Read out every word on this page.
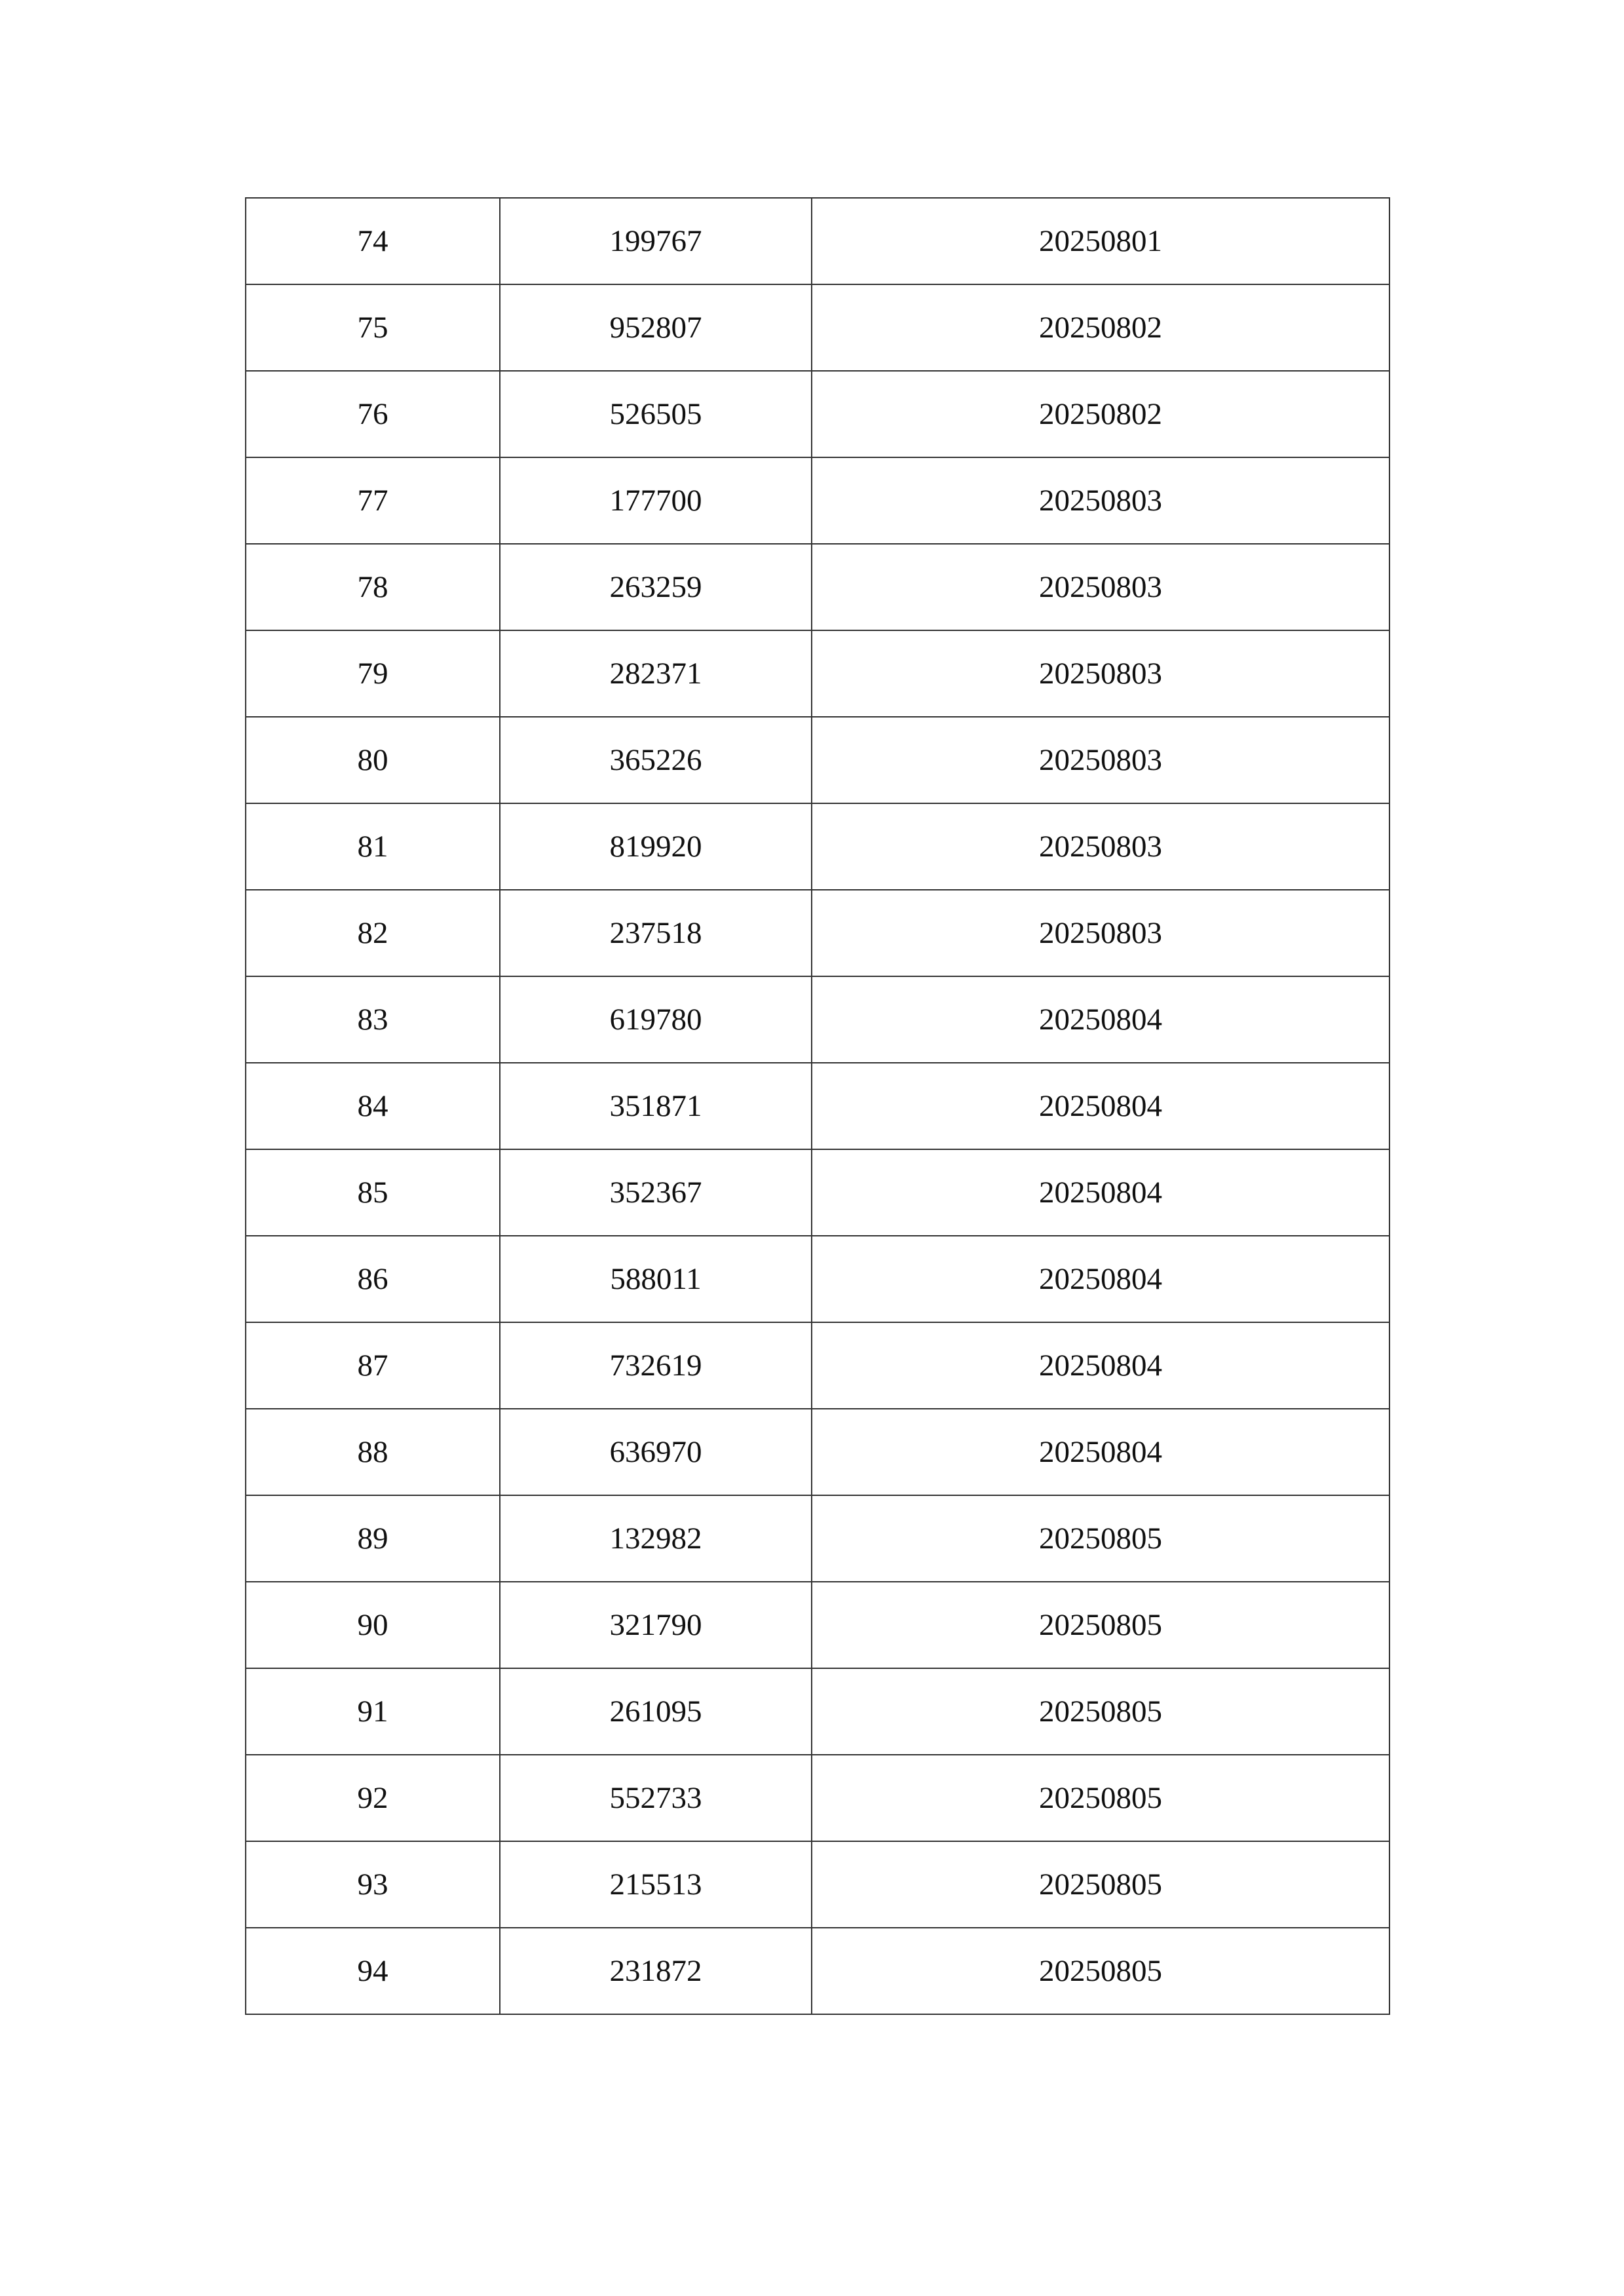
74	199767	20250801
75	952807	20250802
76	526505	20250802
77	177700	20250803
78	263259	20250803
79	282371	20250803
80	365226	20250803
81	819920	20250803
82	237518	20250803
83	619780	20250804
84	351871	20250804
85	352367	20250804
86	588011	20250804
87	732619	20250804
88	636970	20250804
89	132982	20250805
90	321790	20250805
91	261095	20250805
92	552733	20250805
93	215513	20250805
94	231872	20250805
